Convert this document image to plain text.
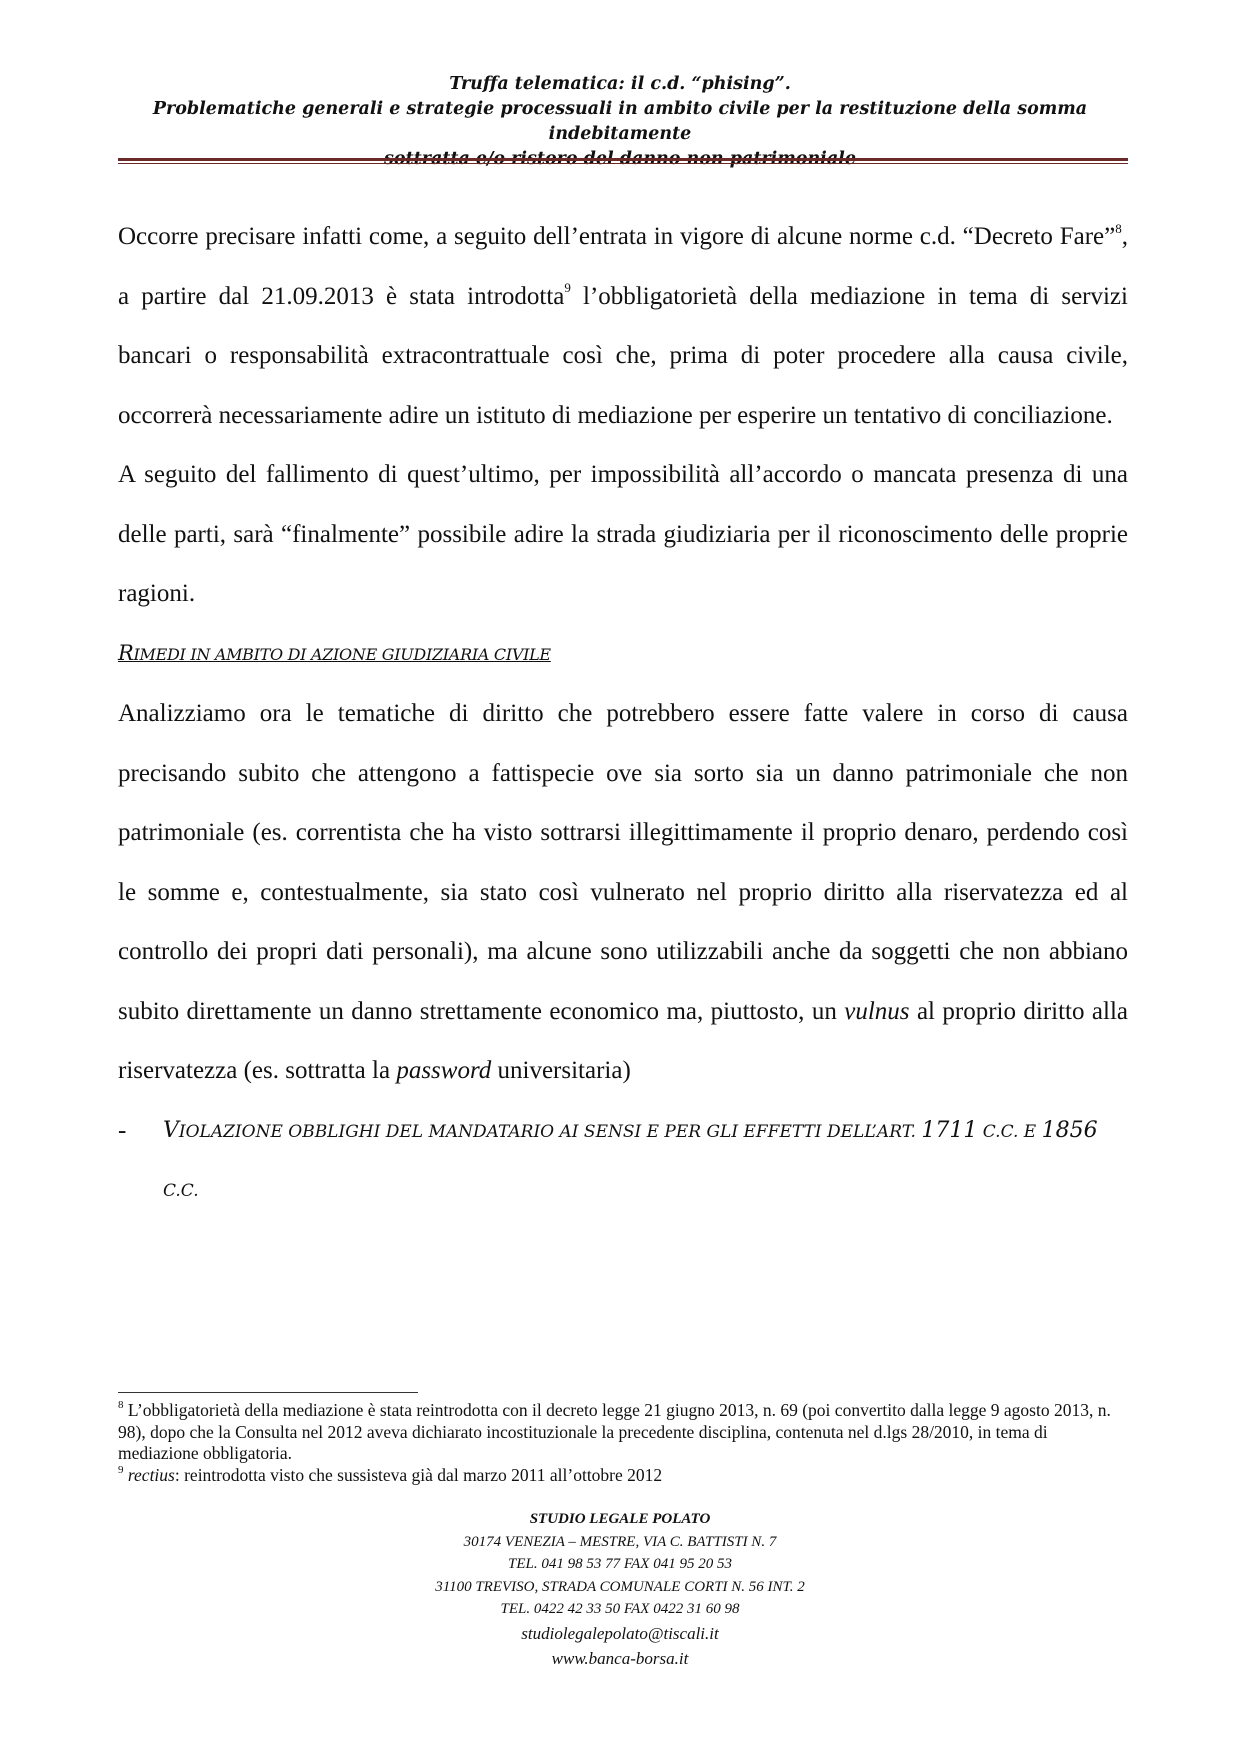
Truffa telematica: il c.d. “phising”.
Problematiche generali e strategie processuali in ambito civile per la restituzione della somma indebitamente
sottratta e/o ristoro del danno non patrimoniale

Occorre precisare infatti come, a seguito dell’entrata in vigore di alcune norme c.d. “Decreto Fare”$^8$, a partire dal 21.09.2013 è stata introdotta$^9$ l’obbligatorietà della mediazione in tema di servizi bancari o responsabilità extracontrattuale così che, prima di poter procedere alla causa civile, occorrerà necessariamente adire un istituto di mediazione per esperire un tentativo di conciliazione.

A seguito del fallimento di quest’ultimo, per impossibilità all’accordo o mancata presenza di una delle parti, sarà “finalmente” possibile adire la strada giudiziaria per il riconoscimento delle proprie ragioni.

RIMEDI IN AMBITO DI AZIONE GIUDIZIARIA CIVILE

Analizziamo ora le tematiche di diritto che potrebbero essere fatte valere in corso di causa precisando subito che attengono a fattispecie ove sia sorto sia un danno patrimoniale che non patrimoniale (es. correntista che ha visto sottrarsi illegittimamente il proprio denaro, perdendo così le somme e, contestualmente, sia stato così vulnerato nel proprio diritto alla riservatezza ed al controllo dei propri dati personali), ma alcune sono utilizzabili anche da soggetti che non abbiano subito direttamente un danno strettamente economico ma, piuttosto, un vulnus al proprio diritto alla riservatezza (es. sottratta la password universitaria)

- VIOLAZIONE OBBLIGHI DEL MANDATARIO AI SENSI E PER GLI EFFETTI DELL’ART. 1711 C.C. E 1856 C.C.

$^8$ L’obbligatorietà della mediazione è stata reintrodotta con il decreto legge 21 giugno 2013, n. 69 (poi convertito dalla legge 9 agosto 2013, n. 98), dopo che la Consulta nel 2012 aveva dichiarato incostituzionale la precedente disciplina, contenuta nel d.lgs 28/2010, in tema di mediazione obbligatoria.

$^9$ rectius: reintrodotta visto che sussisteva già dal marzo 2011 all’ottobre 2012

STUDIO LEGALE POLATO
30174 VENEZIA – MESTRE, VIA C. BATTISTI N. 7
TEL. 041 98 53 77 FAX 041 95 20 53
31100 TREVISO, STRADA COMUNALE CORTI N. 56 INT. 2
TEL. 0422 42 33 50 FAX 0422 31 60 98
studiolegalepolato@tiscali.it
www.banca-borsa.it
